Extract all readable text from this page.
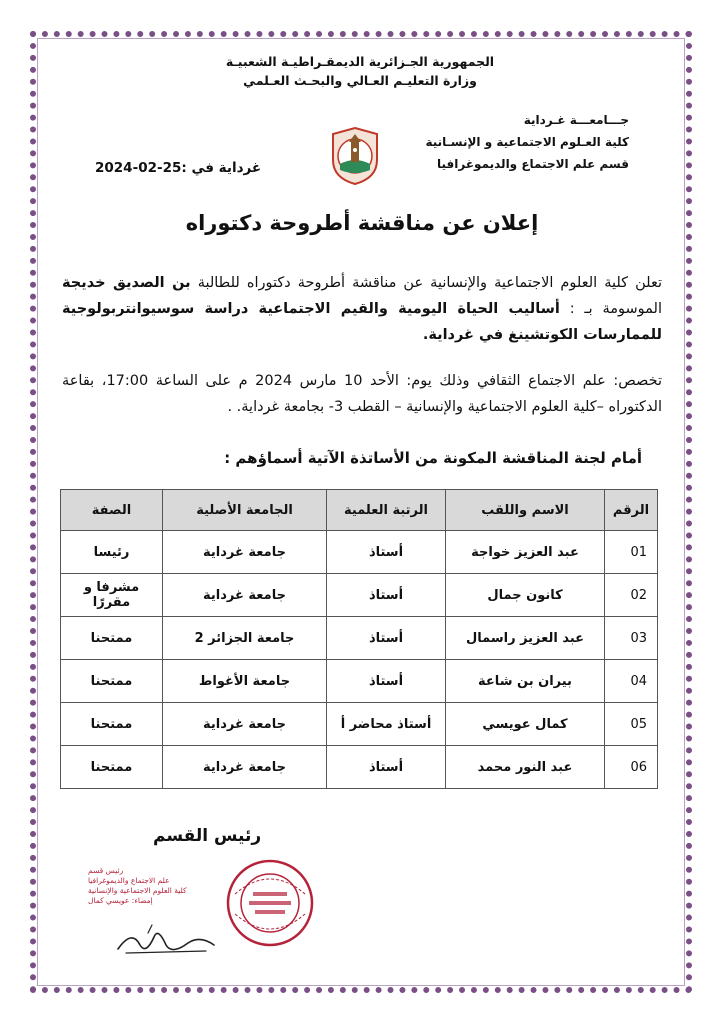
الجمهورية الجـزائرية الديمقـراطيـة الشعبيـة
وزارة التعليـم العـالي والبحـث العـلمي
جـــامعـــة غـرداية
كلية العـلوم الاجتماعية و الإنسـانية
قسم علم الاجتماع والديموغرافيا
غرداية في :25-02-2024
إعلان عن مناقشة أطروحة دكتوراه
تعلن كلية العلوم الاجتماعية والإنسانية عن مناقشة أطروحة دكتوراه للطالبة بن الصديق خديجة الموسومة بـ : أساليب الحياة اليومية والقيم الاجتماعية دراسة سوسيوانتربولوجية للممارسات الكوتشينغ في غرداية.
تخصص: علم الاجتماع الثقافي وذلك يوم: الأحد 10 مارس 2024 م على الساعة 17:00، بقاعة الدكتوراه –كلية العلوم الاجتماعية والإنسانية – القطب 3- بجامعة غرداية. .
أمام لجنة المناقشة المكونة من الأساتذة الآتية أسماؤهم :
الرقم	الاسم واللقب	الرتبة العلمية	الجامعة الأصلية	الصفة
01	عبد العزيز خواجة	أستاذ	جامعة غرداية	رئيسا
02	كانون جمال	أستاذ	جامعة غرداية	مشرفا و مقررًا
03	عبد العزيز راسمال	أستاذ	جامعة الجزائر 2	ممتحنا
04	بيران بن شاعة	أستاذ	جامعة الأغواط	ممتحنا
05	كمال عويسي	أستاذ محاضر أ	جامعة غرداية	ممتحنا
06	عبد النور محمد	أستاذ	جامعة غرداية	ممتحنا
رئيس القسم
رئيس قسم
علم الاجتماع والديموغرافيا
كلية العلوم الاجتماعية والإنسانية
إمضاء: عويسي كمال
